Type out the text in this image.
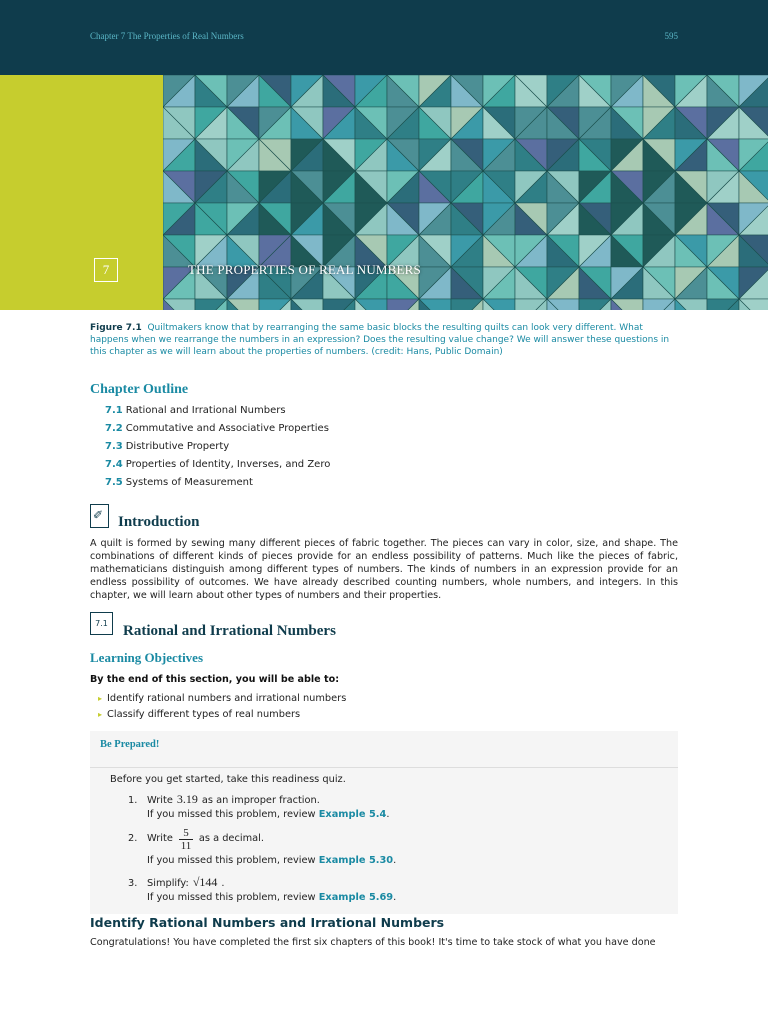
Chapter 7 The Properties of Real Numbers	595
7	THE PROPERTIES OF REAL NUMBERS
Figure 7.1 Quiltmakers know that by rearranging the same basic blocks the resulting quilts can look very different. What happens when we rearrange the numbers in an expression? Does the resulting value change? We will answer these questions in this chapter as we will learn about the properties of numbers. (credit: Hans, Public Domain)
Chapter Outline
7.1 Rational and Irrational Numbers
7.2 Commutative and Associative Properties
7.3 Distributive Property
7.4 Properties of Identity, Inverses, and Zero
7.5 Systems of Measurement
✐ Introduction
A quilt is formed by sewing many different pieces of fabric together. The pieces can vary in color, size, and shape. The combinations of different kinds of pieces provide for an endless possibility of patterns. Much like the pieces of fabric, mathematicians distinguish among different types of numbers. The kinds of numbers in an expression provide for an endless possibility of outcomes. We have already described counting numbers, whole numbers, and integers. In this chapter, we will learn about other types of numbers and their properties.
7.1	Rational and Irrational Numbers
Learning Objectives
By the end of this section, you will be able to:
▸ Identify rational numbers and irrational numbers
▸ Classify different types of real numbers
Be Prepared!
Before you get started, take this readiness quiz.
1. Write 3.19 as an improper fraction.
If you missed this problem, review Example 5.4.
2. Write	as a decimal.
$\frac{5}{11}$
If you missed this problem, review Example 5.30.
3. Simplify: √144 .
If you missed this problem, review Example 5.69.
Identify Rational Numbers and Irrational Numbers
Congratulations! You have completed the first six chapters of this book! It's time to take stock of what you have done
